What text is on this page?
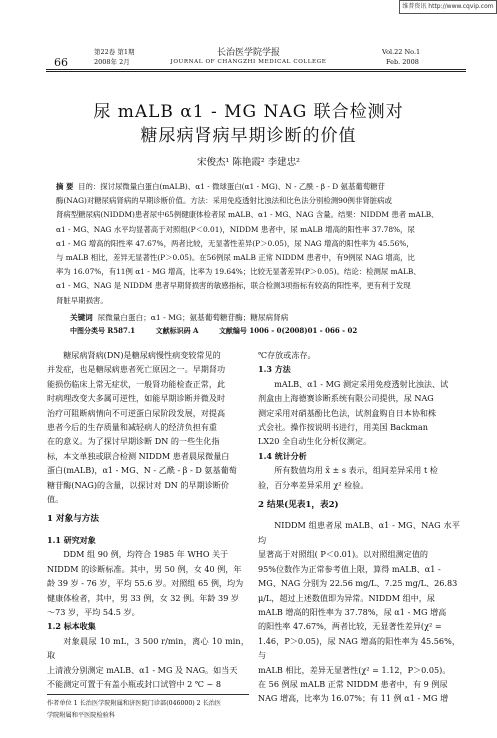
维普资讯 http://www.cqvip.com
66
第22卷 第1期
2008年 2月
长治医学院学报
JOURNAL OF CHANGZHI MEDICAL COLLEGE
Vol.22 No.1
Feb. 2008
尿 mALB α1 - MG NAG 联合检测对
糖尿病肾病早期诊断的价值
宋俊杰¹ 陈艳霞² 李建忠²
摘 要 目的：探讨尿微量白蛋白(mALB)、α1 - 微球蛋白(α1 - MG)、N - 乙酰 - β - D 氨基葡萄糖苷
酶(NAG)对糖尿病肾病的早期诊断价值。方法：采用免疫透射比浊法和比色法分别检测90例非肾脏病或
肾病型糖尿病(NIDDM)患者尿中65例健康体检者尿 mALB、α1 - MG、NAG 含量。结果：NIDDM 患者 mALB、
α1 - MG、NAG 水平均显著高于对照组(P＜0.01)，NIDDM 患者中，尿 mALB 增高的阳性率 37.78%，尿
α1 - MG 增高的阳性率 47.67%，两者比较，无显著性差异(P＞0.05)，尿 NAG 增高的阳性率为 45.56%，
与 mALB 相比，差异无显著性(P＞0.05)。在56例尿 mALB 正常 NIDDM 患者中，有9例尿 NAG 增高，比
率为 16.07%，有11例 α1 - MG 增高，比率为 19.64%；比较无显著差异(P＞0.05)。结论：检测尿 mALB、
α1 - MG、NAG 是 NIDDM 患者早期肾损害的敏感指标，联合检测3项指标有较高的阳性率，更有利于发现
肾脏早期损害。
关键词 尿微量白蛋白；α1 - MG；氨基葡萄糖苷酶；糖尿病肾病
中图分类号 R587.1	文献标识码 A	文献编号 1006 - 0(2008)01 - 066 - 02
糖尿病肾病(DN)是糖尿病慢性病变较常见的
并发症，也是糖尿病患者死亡原因之一。早期肾功
能损伤临床上常无症状，一般肾功能检查正常，此
时病理改变大多属可逆性，如能早期诊断并微及时
治疗可阻断病情向不可逆蛋白尿阶段发展，对提高
患者今后的生存质量和减轻病人的经济负担有重
在的意义。为了探讨早期诊断 DN 的一些生化指
标，本文单独或联合检测 NIDDM 患者晨尿微量白
蛋白(mALB)，α1 - MG、N - 乙酰 - β - D 氨基葡萄
糖苷酶(NAG)的含量，以探讨对 DN 的早期诊断价
值。
1 对象与方法
1.1 研究对象
DDM 组 90 例，均符合 1985 年 WHO 关于
NIDDM 的诊断标准。其中，男 50 例，女 40 例，年
龄 39 岁 - 76 岁，平均 55.6 岁。对照组 65 例，均为
健康体检者，其中，男 33 例，女 32 例。年龄 39 岁
～73 岁，平均 54.5 岁。
1.2 标本收集
对象晨尿 10 mL，3 500 r/min，离心 10 min，取
上清液分别测定 mALB、α1 - MG 及 NAG。如当天
不能测定可置于有盖小瓶或封口试管中 2 ℃ ~ 8
作者单位 1 长治医学院附属和济医院门诊部(046000) 2 长治医
学院附属和平医院检验科
℃存放或冻存。
1.3 方法
mALB、α1 - MG 测定采用免疫透射比浊法、试
剂盒由上海德赛诊断系统有限公司提供，尿 NAG
测定采用对硝基酚比色法，试剂盒购自日本协和株
式会社。操作按说明书进行，用美国 Backman
LX20 全自动生化分析仪测定。
1.4 统计分析
所有数值均用 x̄ ± s 表示，组间差异采用 t 检
验，百分率差异采用 χ² 检验。
2 结果(见表1，表2)
NIDDM 组患者尿 mALB、α1 - MG、NAG 水平均
显著高于对照组( P＜0.01)。以对照组测定值的
95%位数作为正常参考值上限，算得 mALB、α1 -
MG、NAG 分别为 22.56 mg/L、7.25 mg/L、26.83
μ/L，超过上述数值即为异常。NIDDM 组中，尿
mALB 增高的阳性率为 37.78%，尿 α1 - MG 增高
的阳性率 47.67%，两者比较，无显著性差异(χ² =
1.46，P＞0.05)，尿 NAG 增高的阳性率为 45.56%，与
mALB 相比，差异无显著性(χ² = 1.12，P＞0.05)。
在 56 例尿 mALB 正常 NIDDM 患者中，有 9 例尿
NAG 增高，比率为 16.07%；有 11 例 α1 - MG 增
